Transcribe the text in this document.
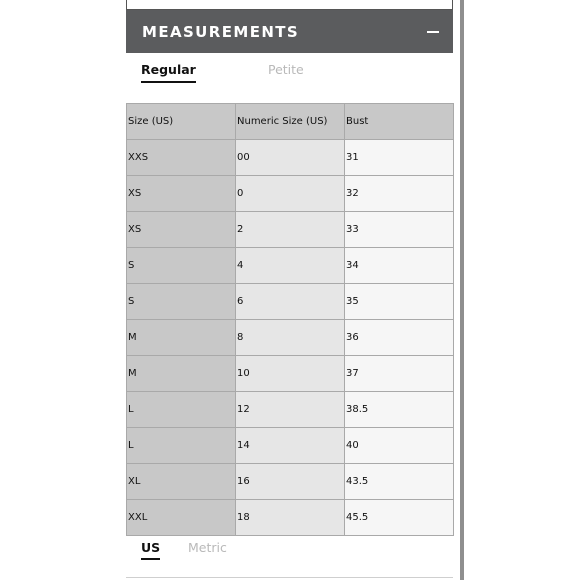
MEASUREMENTS
Regular	Petite
Size (US)	Numeric Size (US)	Bust
XXS	00	31
XS	0	32
XS	2	33
S	4	34
S	6	35
M	8	36
M	10	37
L	12	38.5
L	14	40
XL	16	43.5
XXL	18	45.5
US Metric
